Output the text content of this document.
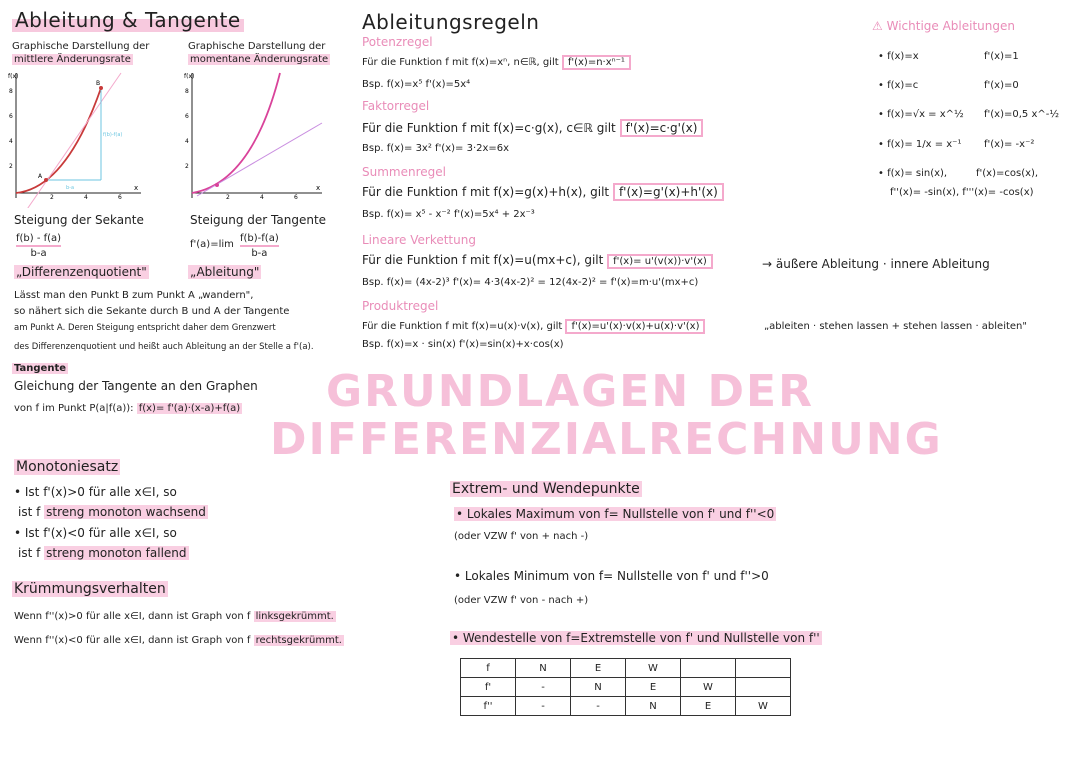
Ableitung & Tangente
Graphische Darstellung der
mittlere Änderungsrate
Graphische Darstellung der
momentane Änderungsrate
f(x)
x
2	4	6
8
6
4
2
b-a
f(b)-f(a)
A
B
f(x)
x
2	4	6
8
6
4
2
Steigung der Sekante
f(b) - f(a)
b-a
Steigung der Tangente
f'(a)=lim
f(b)-f(a)
b-a
„Differenzenquotient"	„Ableitung"
Lässt man den Punkt B zum Punkt A „wandern",
so nähert sich die Sekante durch B und A der Tangente
am Punkt A. Deren Steigung entspricht daher dem Grenzwert
des Differenzenquotient und heißt auch Ableitung an der Stelle a f'(a).
Tangente
Gleichung der Tangente an den Graphen
von f im Punkt P(a|f(a)): f(x)= f'(a)·(x-a)+f(a)
Ableitungsregeln
Potenzregel
Für die Funktion f mit f(x)=xⁿ, n∈ℝ, gilt f'(x)=n·xⁿ⁻¹
Bsp. f(x)=x⁵ f'(x)=5x⁴
Faktorregel
Für die Funktion f mit f(x)=c·g(x), c∈ℝ gilt f'(x)=c·g'(x)
Bsp. f(x)= 3x² f'(x)= 3·2x=6x
Summenregel
Für die Funktion f mit f(x)=g(x)+h(x), gilt f'(x)=g'(x)+h'(x)
Bsp. f(x)= x⁵ - x⁻² f'(x)=5x⁴ + 2x⁻³
Lineare Verkettung
Für die Funktion f mit f(x)=u(mx+c), gilt f'(x)= u'(v(x))·v'(x)	→ äußere Ableitung · innere Ableitung
Bsp. f(x)= (4x-2)³ f'(x)= 4·3(4x-2)² = 12(4x-2)² = f'(x)=m·u'(mx+c)
Produktregel
Für die Funktion f mit f(x)=u(x)·v(x), gilt f'(x)=u'(x)·v(x)+u(x)·v'(x)	„ableiten · stehen lassen + stehen lassen · ableiten"
Bsp. f(x)=x · sin(x) f'(x)=sin(x)+x·cos(x)
⚠ Wichtige Ableitungen
• f(x)=x	f'(x)=1
• f(x)=c	f'(x)=0
• f(x)=√x = x^½ f'(x)=0,5 x^-½
• f(x)= 1/x = x⁻¹ f'(x)= -x⁻²
• f(x)= sin(x),	f'(x)=cos(x),
f''(x)= -sin(x), f'''(x)= -cos(x)
GRUNDLAGEN DER
DIFFERENZIALRECHNUNG
Monotoniesatz
• Ist f'(x)>0 für alle x∈I, so
ist f streng monoton wachsend
• Ist f'(x)<0 für alle x∈I, so
ist f streng monoton fallend
Krümmungsverhalten
Wenn f''(x)>0 für alle x∈I, dann ist Graph von f linksgekrümmt.
Wenn f''(x)<0 für alle x∈I, dann ist Graph von f rechtsgekrümmt.
Extrem- und Wendepunkte
• Lokales Maximum von f= Nullstelle von f' und f''<0
(oder VZW f' von + nach -)
• Lokales Minimum von f= Nullstelle von f' und f''>0
(oder VZW f' von - nach +)
• Wendestelle von f=Extremstelle von f' und Nullstelle von f''
f	N	E	W		
f'	-	N	E	W	
f''	-	-	N	E	W
